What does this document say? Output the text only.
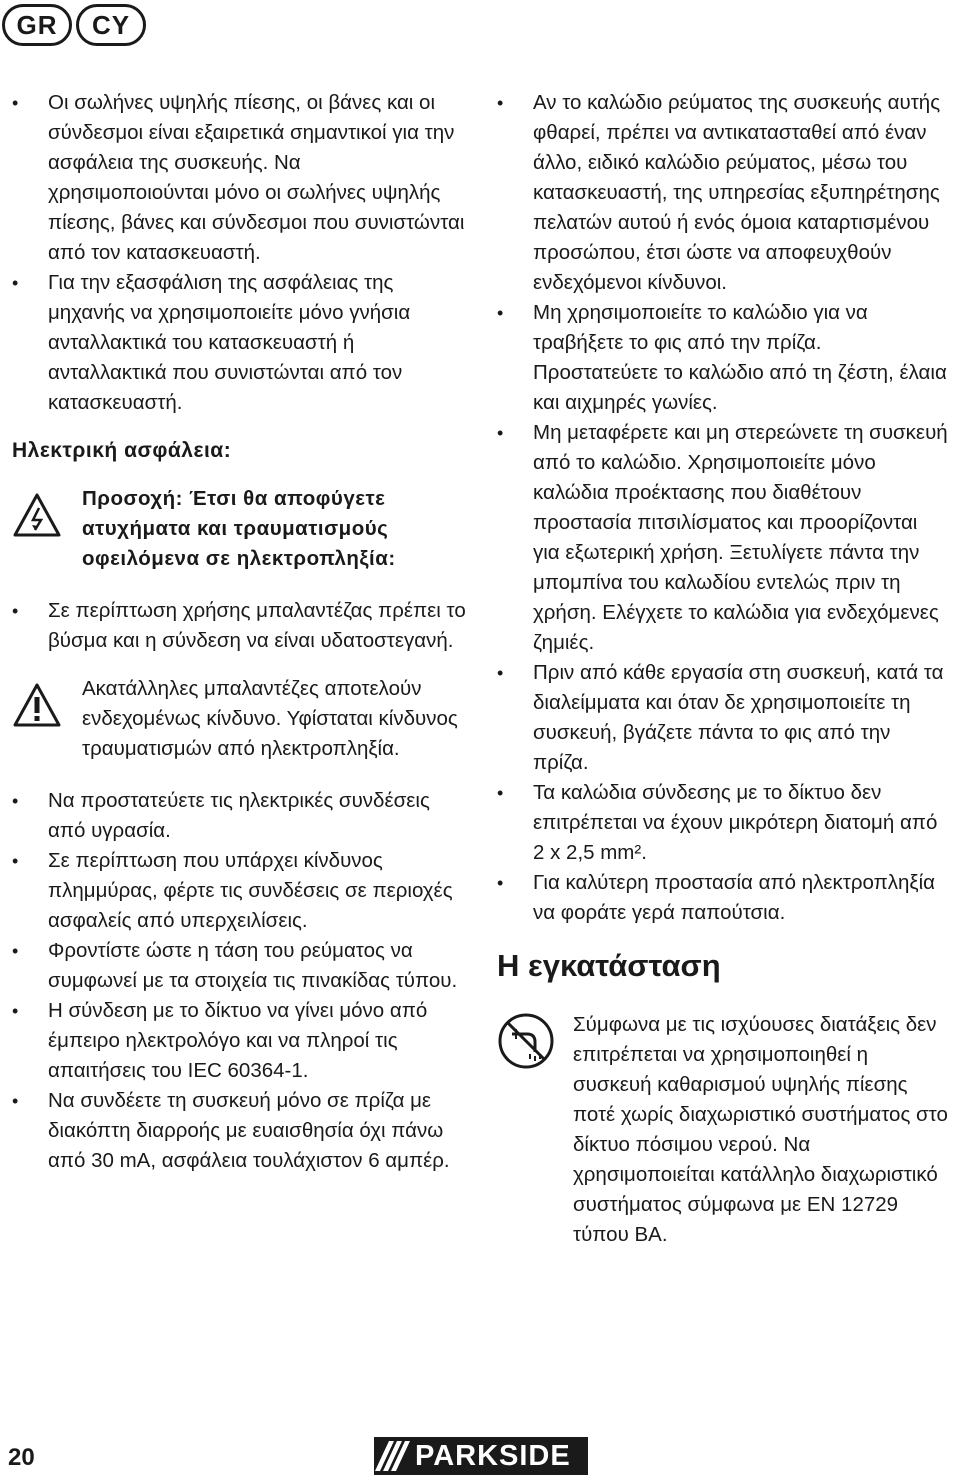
GR	CY
• Οι σωλήνες υψηλής πίεσης, οι βάνες και οι σύνδεσμοι είναι εξαιρετικά σημαντικοί για την ασφάλεια της συσκευής. Να χρησιμοποιούνται μόνο οι σωλήνες υψηλής πίεσης, βάνες και σύνδεσμοι που συνιστώνται από τον κατασκευαστή.
• Για την εξασφάλιση της ασφάλειας της μηχανής να χρησιμοποιείτε μόνο γνήσια ανταλλακτικά του κατασκευαστή ή ανταλλακτικά που συνιστώνται από τον κατασκευαστή.
Ηλεκτρική ασφάλεια:
Προσοχή: Έτσι θα αποφύγετε ατυχήματα και τραυματισμούς οφειλόμενα σε ηλεκτροπληξία:
• Σε περίπτωση χρήσης μπαλαντέζας πρέπει το βύσμα και η σύνδεση να είναι υδατοστεγανή.
Ακατάλληλες μπαλαντέζες αποτελούν ενδεχομένως κίνδυνο. Υφίσταται κίνδυνος τραυματισμών από ηλεκτροπληξία.
• Να προστατεύετε τις ηλεκτρικές συνδέσεις από υγρασία.
• Σε περίπτωση που υπάρχει κίνδυνος πλημμύρας, φέρτε τις συνδέσεις σε περιοχές ασφαλείς από υπερχειλίσεις.
• Φροντίστε ώστε η τάση του ρεύματος να συμφωνεί με τα στοιχεία τις πινακίδας τύπου.
• Η σύνδεση με το δίκτυο να γίνει μόνο από έμπειρο ηλεκτρολόγο και να πληροί τις απαιτήσεις του IEC 60364-1.
• Να συνδέετε τη συσκευή μόνο σε πρίζα με διακόπτη διαρροής με ευαισθησία όχι πάνω από 30 mA, ασφάλεια τουλάχιστον 6 αμπέρ.
• Αν το καλώδιο ρεύματος της συσκευής αυτής φθαρεί, πρέπει να αντικατασταθεί από έναν άλλο, ειδικό καλώδιο ρεύματος, μέσω του κατασκευαστή, της υπηρεσίας εξυπηρέτησης πελατών αυτού ή ενός όμοια καταρτισμένου προσώπου, έτσι ώστε να αποφευχθούν ενδεχόμενοι κίνδυνοι.
• Μη χρησιμοποιείτε το καλώδιο για να τραβήξετε το φις από την πρίζα. Προστατεύετε το καλώδιο από τη ζέστη, έλαια και αιχμηρές γωνίες.
• Μη μεταφέρετε και μη στερεώνετε τη συσκευή από το καλώδιο. Χρησιμοποιείτε μόνο καλώδια προέκτασης που διαθέτουν προστασία πιτσιλίσματος και προορίζονται για εξωτερική χρήση. Ξετυλίγετε πάντα την μπομπίνα του καλωδίου εντελώς πριν τη χρήση. Ελέγχετε το καλώδια για ενδεχόμενες ζημιές.
• Πριν από κάθε εργασία στη συσκευή, κατά τα διαλείμματα και όταν δε χρησιμοποιείτε τη συσκευή, βγάζετε πάντα το φις από την πρίζα.
• Τα καλώδια σύνδεσης με το δίκτυο δεν επιτρέπεται να έχουν μικρότερη διατομή από 2 x 2,5 mm².
• Για καλύτερη προστασία από ηλεκτροπληξία να φοράτε γερά παπούτσια.
Η εγκατάσταση
Σύμφωνα με τις ισχύουσες διατάξεις δεν επιτρέπεται να χρησιμοποιηθεί η συσκευή καθαρισμού υψηλής πίεσης ποτέ χωρίς διαχωριστικό συστήματος στο δίκτυο πόσιμου νερού. Να χρησιμοποιείται κατάλληλο διαχωριστικό συστήματος σύμφωνα με EN 12729 τύπου BA.
20	PARKSIDE
